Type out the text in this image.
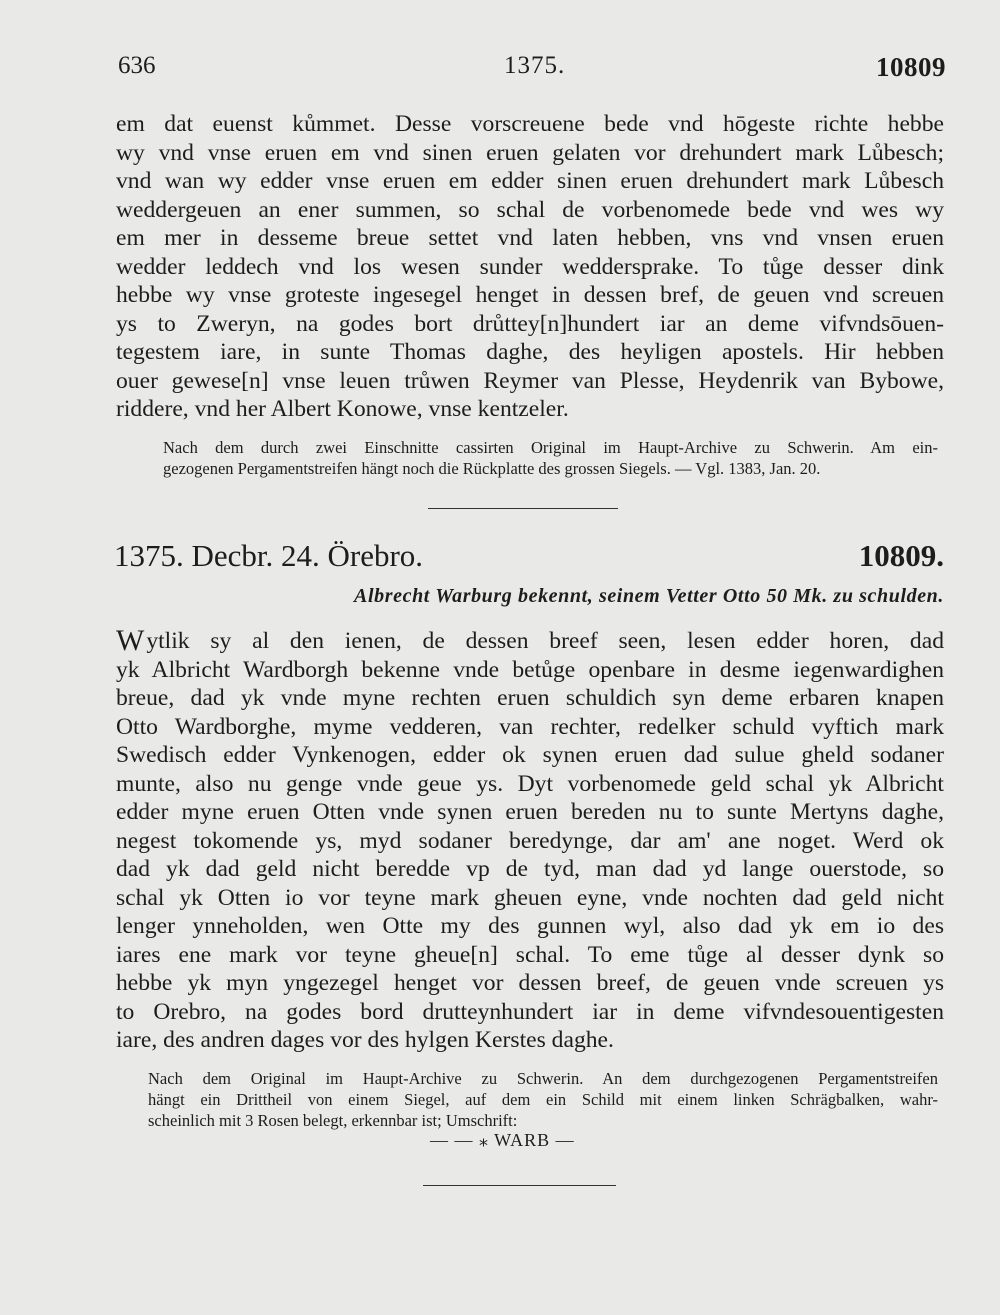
636	1375.	10809
em dat euenst kůmmet. Desse vorscreuene bede vnd hōgeste richte hebbe
wy vnd vnse eruen em vnd sinen eruen gelaten vor drehundert mark Lůbesch;
vnd wan wy edder vnse eruen em edder sinen eruen drehundert mark Lůbesch
weddergeuen an ener summen, so schal de vorbenomede bede vnd wes wy
em mer in desseme breue settet vnd laten hebben, vns vnd vnsen eruen
wedder leddech vnd los wesen sunder weddersprake. To tůge desser dink
hebbe wy vnse groteste ingesegel henget in dessen bref, de geuen vnd screuen
ys to Zweryn, na godes bort drůttey[n]hundert iar an deme vifvndsōuen-
tegestem iare, in sunte Thomas daghe, des heyligen apostels. Hir hebben
ouer gewese[n] vnse leuen trůwen Reymer van Plesse, Heydenrik van Bybowe,
riddere, vnd her Albert Konowe, vnse kentzeler.
Nach dem durch zwei Einschnitte cassirten Original im Haupt-Archive zu Schwerin. Am ein-
gezogenen Pergamentstreifen hängt noch die Rückplatte des grossen Siegels. — Vgl. 1383, Jan. 20.
1375. Decbr. 24. Örebro.	10809.
Albrecht Warburg bekennt, seinem Vetter Otto 50 Mk. zu schulden.
W ytlik sy al den ienen, de dessen breef seen, lesen edder horen, dad
yk Albricht Wardborgh bekenne vnde betůge openbare in desme iegenwardighen
breue, dad yk vnde myne rechten eruen schuldich syn deme erbaren knapen
Otto Wardborghe, myme vedderen, van rechter, redelker schuld vyftich mark
Swedisch edder Vynkenogen, edder ok synen eruen dad sulue gheld sodaner
munte, also nu genge vnde geue ys. Dyt vorbenomede geld schal yk Albricht
edder myne eruen Otten vnde synen eruen bereden nu to sunte Mertyns daghe,
negest tokomende ys, myd sodaner beredynge, dar am' ane noget. Werd ok
dad yk dad geld nicht beredde vp de tyd, man dad yd lange ouerstode, so
schal yk Otten io vor teyne mark gheuen eyne, vnde nochten dad geld nicht
lenger ynneholden, wen Otte my des gunnen wyl, also dad yk em io des
iares ene mark vor teyne gheue[n] schal. To eme tůge al desser dynk so
hebbe yk myn yngezegel henget vor dessen breef, de geuen vnde screuen ys
to Orebro, na godes bord drutteynhundert iar in deme vifvndesouentigesten
iare, des andren dages vor des hylgen Kerstes daghe.
Nach dem Original im Haupt-Archive zu Schwerin. An dem durchgezogenen Pergamentstreifen
hängt ein Drittheil von einem Siegel, auf dem ein Schild mit einem linken Schrägbalken, wahr-
scheinlich mit 3 Rosen belegt, erkennbar ist; Umschrift:
— — ⁎ WARB —
